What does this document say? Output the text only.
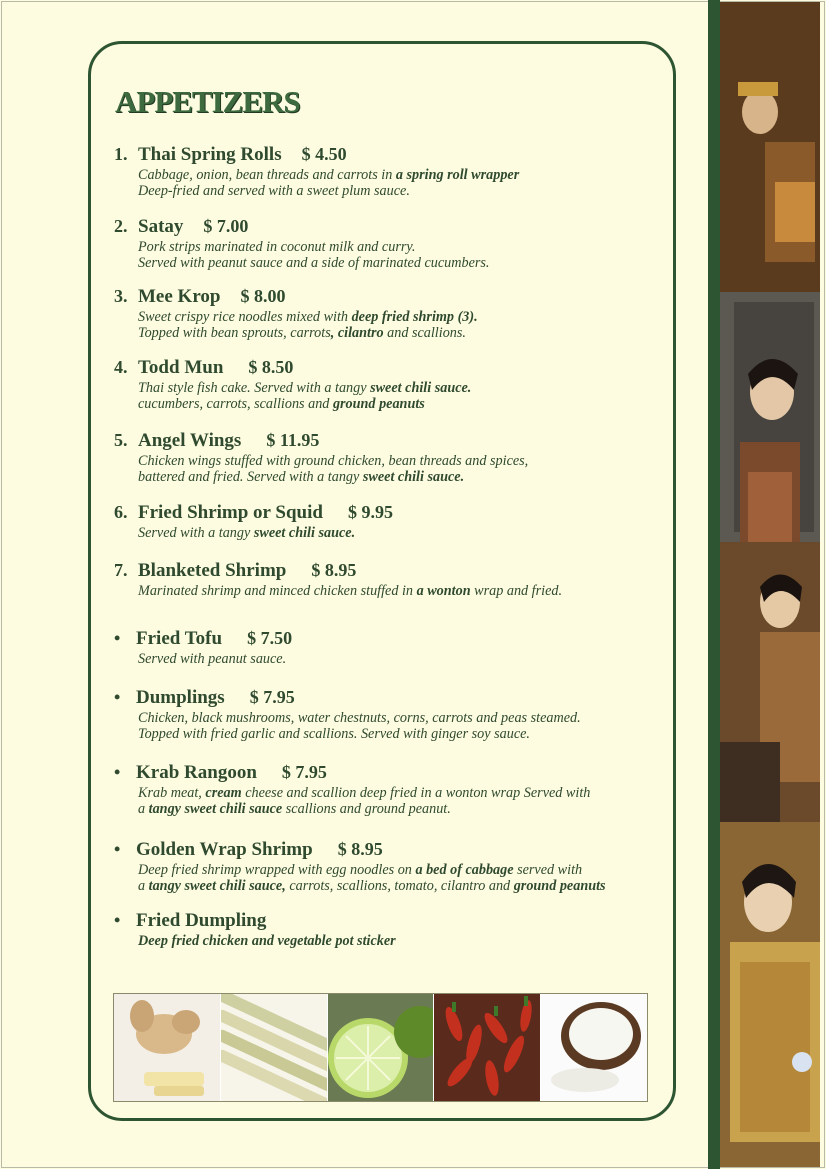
APPETIZERS
1. Thai Spring Rolls $ 4.50
Cabbage, onion, bean threads and carrots in a spring roll wrapper
Deep-fried and served with a sweet plum sauce.
2. Satay $ 7.00
Pork strips marinated in coconut milk and curry.
Served with peanut sauce and a side of marinated cucumbers.
3. Mee Krop $ 8.00
Sweet crispy rice noodles mixed with deep fried shrimp (3).
Topped with bean sprouts, carrots, cilantro and scallions.
4. Todd Mun $ 8.50
Thai style fish cake. Served with a tangy sweet chili sauce.
cucumbers, carrots, scallions and ground peanuts
5. Angel Wings $ 11.95
Chicken wings stuffed with ground chicken, bean threads and spices,
battered and fried. Served with a tangy sweet chili sauce.
6. Fried Shrimp or Squid $ 9.95
Served with a tangy sweet chili sauce.
7. Blanketed Shrimp $ 8.95
Marinated shrimp and minced chicken stuffed in a wonton wrap and fried.
• Fried Tofu $ 7.50
Served with peanut sauce.
• Dumplings $ 7.95
Chicken, black mushrooms, water chestnuts, corns, carrots and peas steamed.
Topped with fried garlic and scallions. Served with ginger soy sauce.
• Krab Rangoon $ 7.95
Krab meat, cream cheese and scallion deep fried in a wonton wrap Served with
a tangy sweet chili sauce scallions and ground peanut.
• Golden Wrap Shrimp $ 8.95
Deep fried shrimp wrapped with egg noodles on a bed of cabbage served with
a tangy sweet chili sauce, carrots, scallions, tomato, cilantro and ground peanuts
• Fried Dumpling
Deep fried chicken and vegetable pot sticker
